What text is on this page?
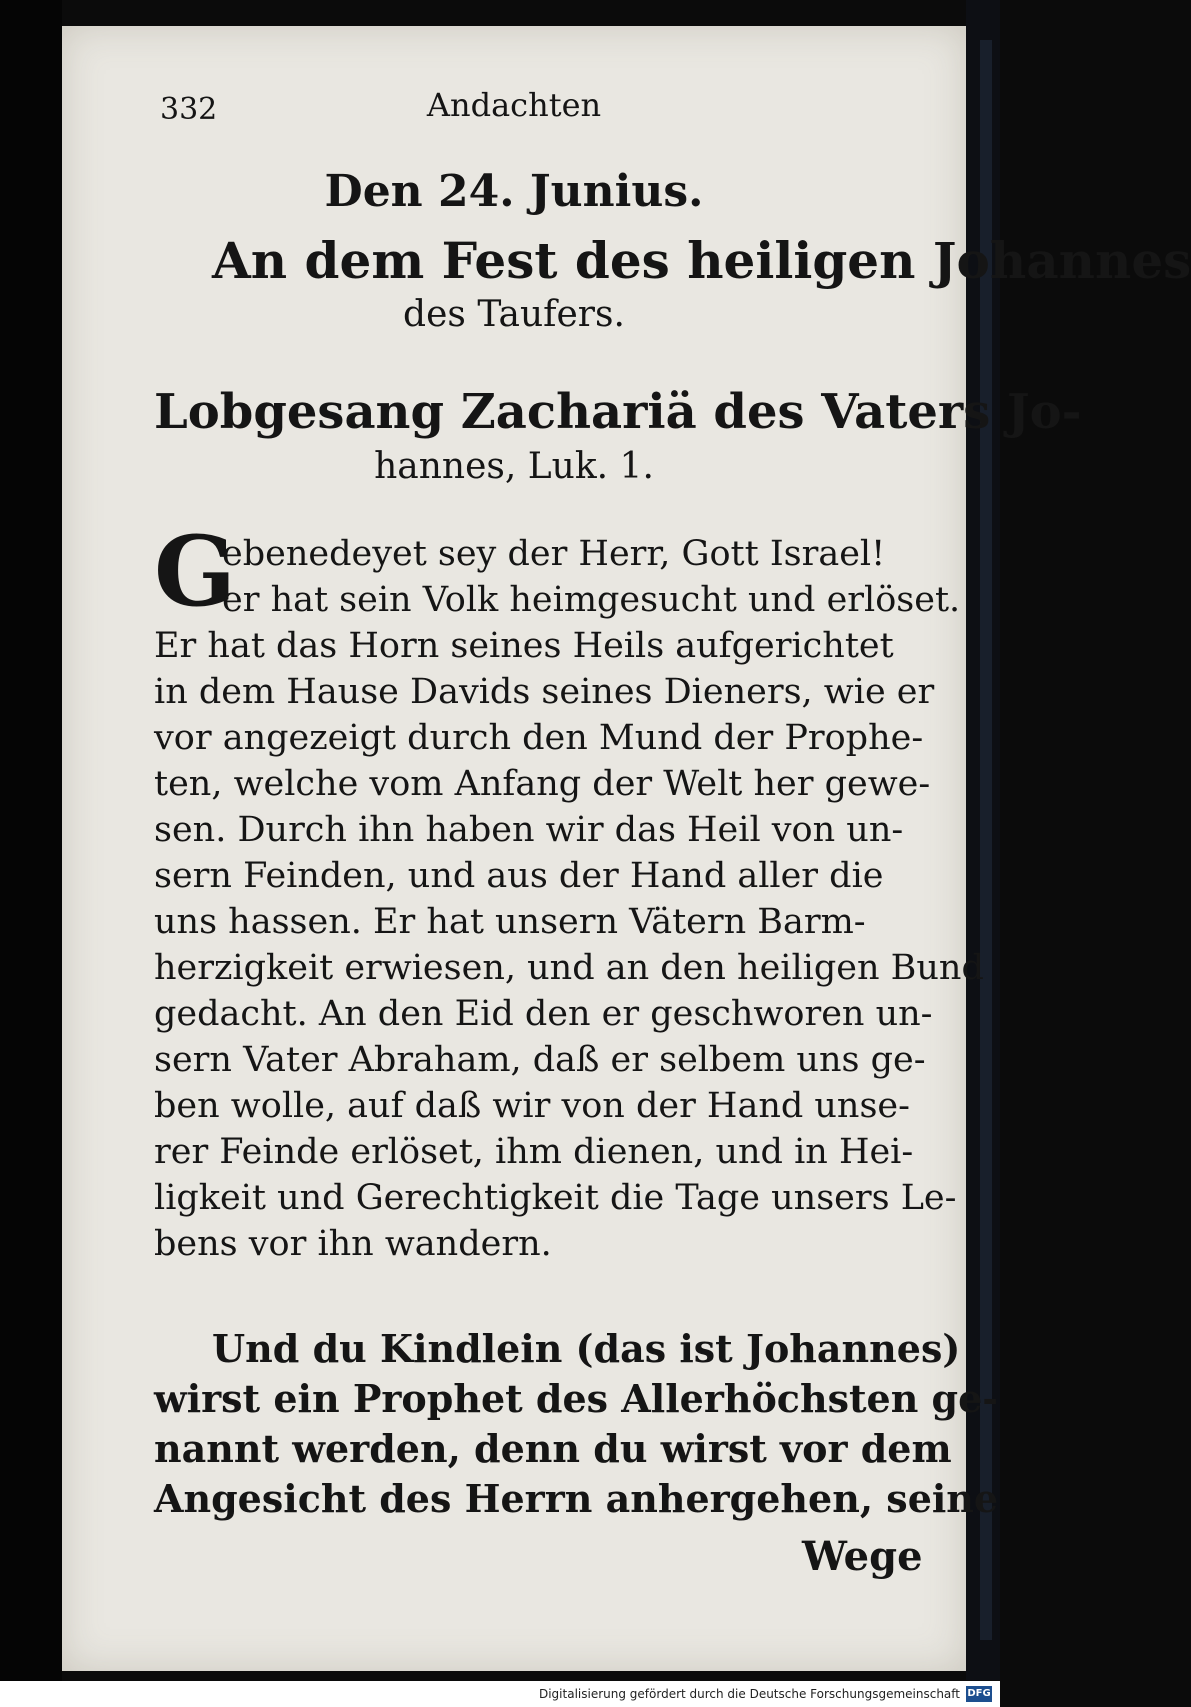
332	Andachten
Den 24. Junius.
An dem Fest des heiligen Johannes
des Taufers.
Lobgesang Zachariä des Vaters Jo-
hannes, Luk. 1.
G
ebenedeyet sey der Herr, Gott Israel!
er hat sein Volk heimgesucht und erlöset.
Er hat das Horn seines Heils aufgerichtet
in dem Hause Davids seines Dieners, wie er
vor angezeigt durch den Mund der Prophe-
ten, welche vom Anfang der Welt her gewe-
sen. Durch ihn haben wir das Heil von un-
sern Feinden, und aus der Hand aller die
uns hassen. Er hat unsern Vätern Barm-
herzigkeit erwiesen, und an den heiligen Bund
gedacht. An den Eid den er geschworen un-
sern Vater Abraham, daß er selbem uns ge-
ben wolle, auf daß wir von der Hand unse-
rer Feinde erlöset, ihm dienen, und in Hei-
ligkeit und Gerechtigkeit die Tage unsers Le-
bens vor ihn wandern.
Und du Kindlein (das ist Johannes)
wirst ein Prophet des Allerhöchsten ge-
nannt werden, denn du wirst vor dem
Angesicht des Herrn anhergehen, seine
Wege
Digitalisierung gefördert durch die Deutsche Forschungsgemeinschaft DFG
